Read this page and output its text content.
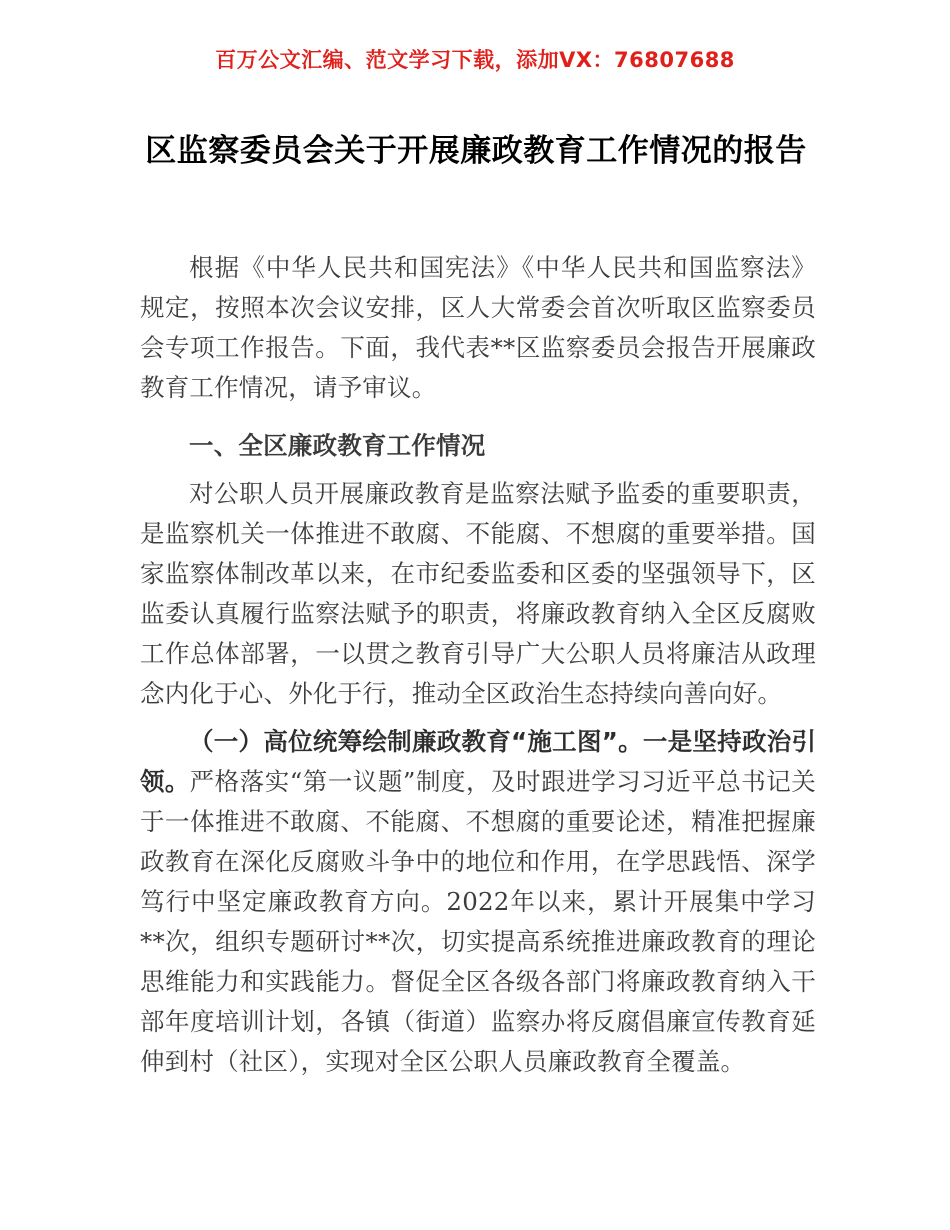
百万公文汇编、范文学习下载，添加VX：76807688
区监察委员会关于开展廉政教育工作情况的报告

根据《中华人民共和国宪法》《中华人民共和国监察法》规定，按照本次会议安排，区人大常委会首次听取区监察委员会专项工作报告。下面，我代表**区监察委员会报告开展廉政教育工作情况，请予审议。

一、全区廉政教育工作情况

对公职人员开展廉政教育是监察法赋予监委的重要职责，是监察机关一体推进不敢腐、不能腐、不想腐的重要举措。国家监察体制改革以来，在市纪委监委和区委的坚强领导下，区监委认真履行监察法赋予的职责，将廉政教育纳入全区反腐败工作总体部署，一以贯之教育引导广大公职人员将廉洁从政理念内化于心、外化于行，推动全区政治生态持续向善向好。

（一）高位统筹绘制廉政教育“施工图”。一是坚持政治引领。严格落实“第一议题”制度，及时跟进学习习近平总书记关于一体推进不敢腐、不能腐、不想腐的重要论述，精准把握廉政教育在深化反腐败斗争中的地位和作用，在学思践悟、深学笃行中坚定廉政教育方向。2022年以来，累计开展集中学习**次，组织专题研讨**次，切实提高系统推进廉政教育的理论思维能力和实践能力。督促全区各级各部门将廉政教育纳入干部年度培训计划，各镇（街道）监察办将反腐倡廉宣传教育延伸到村（社区），实现对全区公职人员廉政教育全覆盖。
